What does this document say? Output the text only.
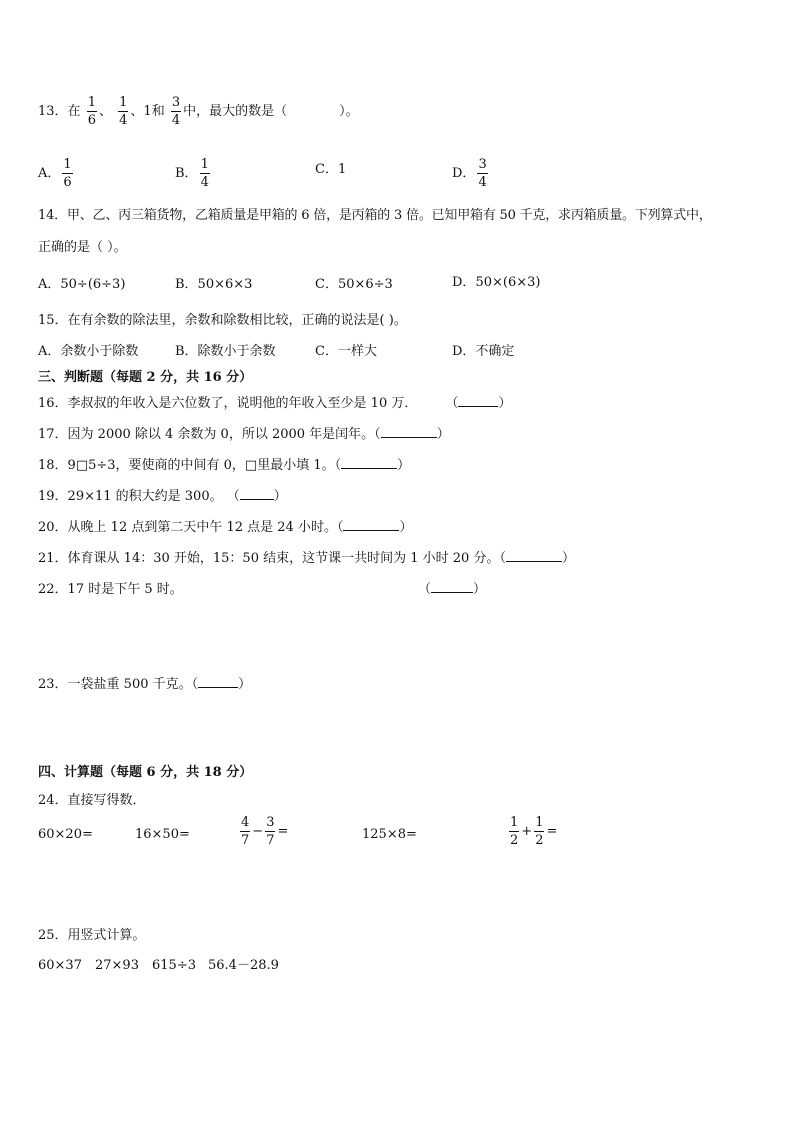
13．在 $\frac{1}{6}$ 、 $\frac{1}{4}$ 、1和 $\frac{3}{4}$ 中，最大的数是（	）。
A． $\frac{1}{6}$	B． $\frac{1}{4}$	C．1	D． $\frac{3}{4}$
14．甲、乙、丙三箱货物，乙箱质量是甲箱的 6 倍，是丙箱的 3 倍。已知甲箱有 50 千克，求丙箱质量。下列算式中，
正确的是（ ）。
A．50÷(6÷3)	B．50×6×3	C．50×6÷3	D．50×(6×3)
15．在有余数的除法里，余数和除数相比较，正确的说法是( )。
A．余数小于除数	B．除数小于余数	C．一样大	D．不确定
三、判断题（每题 2 分，共 16 分）
16．李叔叔的年收入是六位数了，说明他的年收入至少是 10 万． （	）
17．因为 2000 除以 4 余数为 0，所以 2000 年是闰年。（	）
18．9□5÷3，要使商的中间有 0，□里最小填 1。（	）
19．29×11 的积大约是 300。 （	）
20．从晚上 12 点到第二天中午 12 点是 24 小时。（	）
21．体育课从 14：30 开始，15：50 结束，这节课一共时间为 1 小时 20 分。（	）
22．17 时是下午 5 时。	（	）
23．一袋盐重 500 千克。（	）
四、计算题（每题 6 分，共 18 分）
24．直接写得数．
60×20=	16×50=	$\frac{4}{7} - \frac{3}{7}$ =	125×8=	$\frac{1}{2} + \frac{1}{2}$ =
25．用竖式计算。
60×37 27×93 615÷3 56.4－28.9
